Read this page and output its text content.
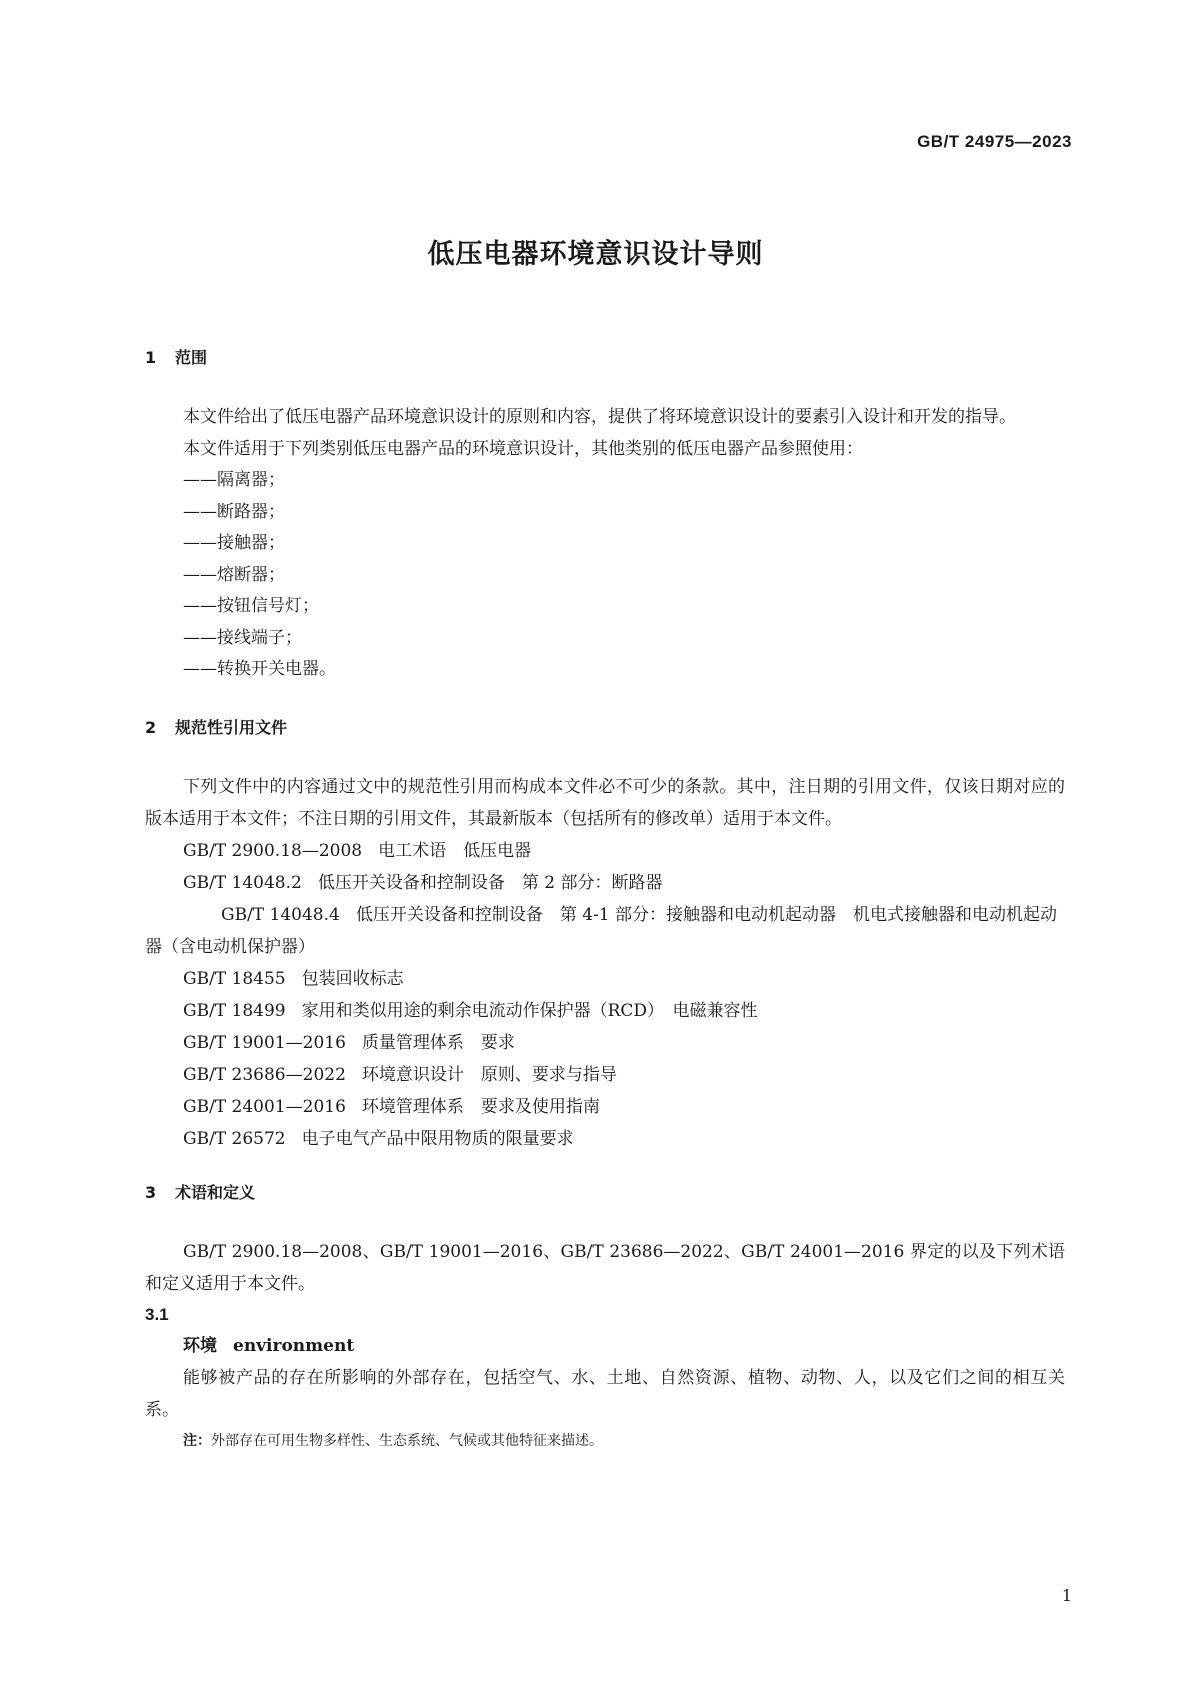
GB/T 24975—2023
低压电器环境意识设计导则
1 范围

本文件给出了低压电器产品环境意识设计的原则和内容，提供了将环境意识设计的要素引入设计和开发的指导。

本文件适用于下列类别低压电器产品的环境意识设计，其他类别的低压电器产品参照使用：

——隔离器；
——断路器；
——接触器；
——熔断器；
——按钮信号灯；
——接线端子；
——转换开关电器。
2 规范性引用文件

下列文件中的内容通过文中的规范性引用而构成本文件必不可少的条款。其中，注日期的引用文件，仅该日期对应的版本适用于本文件；不注日期的引用文件，其最新版本（包括所有的修改单）适用于本文件。

GB/T 2900.18—2008 电工术语　低压电器
GB/T 14048.2 低压开关设备和控制设备　第 2 部分：断路器

GB/T 14048.4 低压开关设备和控制设备　第 4-1 部分：接触器和电动机起动器　机电式接触器和电动机起动器（含电动机保护器）

GB/T 18455 包装回收标志
GB/T 18499 家用和类似用途的剩余电流动作保护器（RCD）　电磁兼容性
GB/T 19001—2016 质量管理体系　要求
GB/T 23686—2022 环境意识设计　原则、要求与指导
GB/T 24001—2016 环境管理体系　要求及使用指南
GB/T 26572 电子电气产品中限用物质的限量要求
3 术语和定义

GB/T 2900.18—2008、GB/T 19001—2016、GB/T 23686—2022、GB/T 24001—2016 界定的以及下列术语和定义适用于本文件。

3.1
环境 environment

能够被产品的存在所影响的外部存在，包括空气、水、土地、自然资源、植物、动物、人，以及它们之间的相互关系。

注：外部存在可用生物多样性、生态系统、气候或其他特征来描述。
1
